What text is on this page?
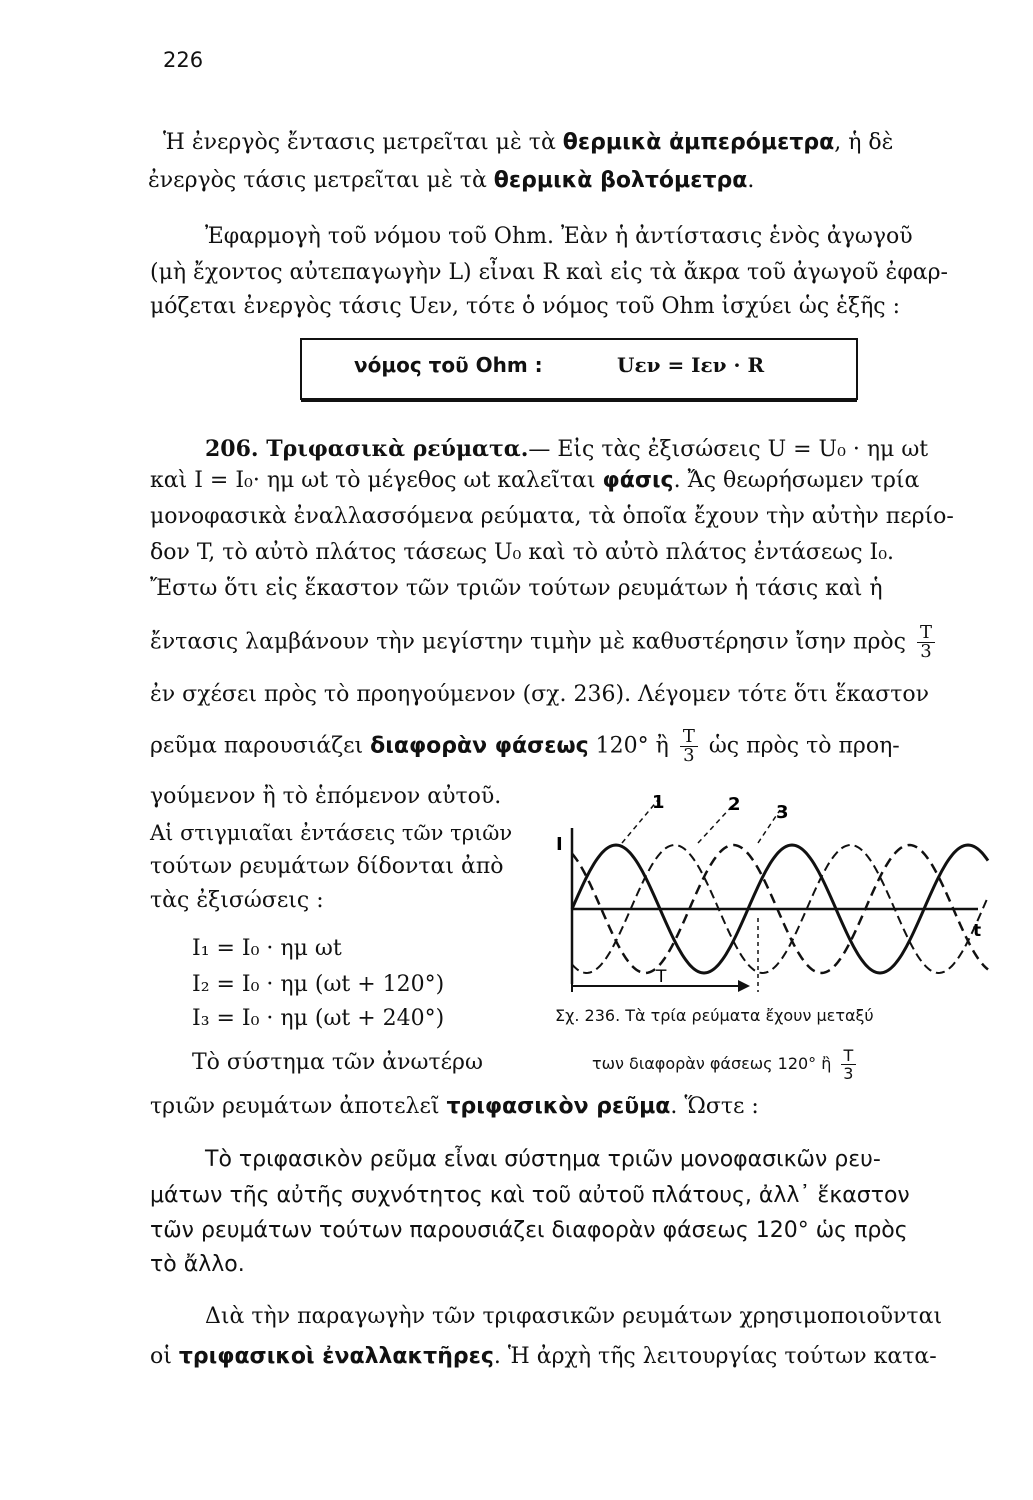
226
Ἡ ἐνεργὸς ἔντασις μετρεῖται μὲ τὰ θερμικὰ ἀμπερόμετρα, ἡ δὲ
ἐνεργὸς τάσις μετρεῖται μὲ τὰ θερμικὰ βολτόμετρα.
Ἐφαρμογὴ τοῦ νόμου τοῦ Ohm. Ἐὰν ἡ ἀντίστασις ἑνὸς ἀγωγοῦ
(μὴ ἔχοντος αὐτεπαγωγὴν L) εἶναι R καὶ εἰς τὰ ἄκρα τοῦ ἀγωγοῦ ἐφαρ-
μόζεται ἐνεργὸς τάσις Uεν, τότε ὁ νόμος τοῦ Ohm ἰσχύει ὡς ἑξῆς :
νόμος τοῦ Ohm :	Uεν = Iεν · R
206. Τριφασικὰ ρεύματα.— Εἰς τὰς ἐξισώσεις U = U₀ · ημ ωt
καὶ I = I₀· ημ ωt τὸ μέγεθος ωt καλεῖται φάσις. Ἄς θεωρήσωμεν τρία
μονοφασικὰ ἐναλλασσόμενα ρεύματα, τὰ ὁποῖα ἔχουν τὴν αὐτὴν περίο-
δον T, τὸ αὐτὸ πλάτος τάσεως U₀ καὶ τὸ αὐτὸ πλάτος ἐντάσεως I₀.
Ἔστω ὅτι εἰς ἕκαστον τῶν τριῶν τούτων ρευμάτων ἡ τάσις καὶ ἡ
ἔντασις λαμβάνουν τὴν μεγίστην τιμὴν μὲ καθυστέρησιν ἴσην πρὸς $\frac{T}{3}$
ἐν σχέσει πρὸς τὸ προηγούμενον (σχ. 236). Λέγομεν τότε ὅτι ἕκαστον
ρεῦμα παρουσιάζει διαφορὰν φάσεως 120° ἢ $\frac{T}{3}$ ὡς πρὸς τὸ προη-
γούμενον ἢ τὸ ἑπόμενον αὐτοῦ.
Αἱ στιγμιαῖαι ἐντάσεις τῶν τριῶν
τούτων ρευμάτων δίδονται ἀπὸ
τὰς ἐξισώσεις :
I₁ = I₀ · ημ ωt
I₂ = I₀ · ημ (ωt + 120°)
I₃ = I₀ · ημ (ωt + 240°)
Τὸ σύστημα τῶν ἀνωτέρω
τριῶν ρευμάτων ἀποτελεῖ τριφασικὸν ρεῦμα. Ὥστε :
I
t
1	2 3
T
Σχ. 236. Τὰ τρία ρεύματα ἔχουν μεταξύ
των διαφορὰν φάσεως 120° ἢ $\frac{T}{3}$
Τὸ τριφασικὸν ρεῦμα εἶναι σύστημα τριῶν μονοφασικῶν ρευ-
μάτων τῆς αὐτῆς συχνότητος καὶ τοῦ αὐτοῦ πλάτους, ἀλλ᾽ ἕκαστον
τῶν ρευμάτων τούτων παρουσιάζει διαφορὰν φάσεως 120° ὡς πρὸς
τὸ ἄλλο.
Διὰ τὴν παραγωγὴν τῶν τριφασικῶν ρευμάτων χρησιμοποιοῦνται
οἱ τριφασικοὶ ἐναλλακτῆρες. Ἡ ἀρχὴ τῆς λειτουργίας τούτων κατα-
